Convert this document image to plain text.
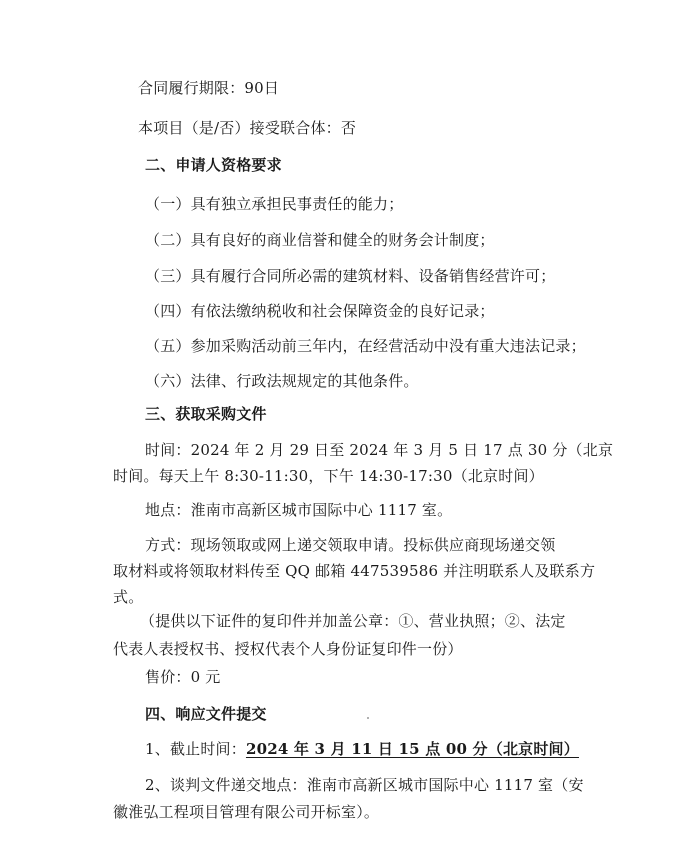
合同履行期限：90日
本项目（是/否）接受联合体：否
二、申请人资格要求
（一）具有独立承担民事责任的能力；
（二）具有良好的商业信誉和健全的财务会计制度；
（三）具有履行合同所必需的建筑材料、设备销售经营许可；
（四）有依法缴纳税收和社会保障资金的良好记录；
（五）参加采购活动前三年内，在经营活动中没有重大违法记录；
（六）法律、行政法规规定的其他条件。
三、获取采购文件
时间：2024 年 2 月 29 日至 2024 年 3 月 5 日 17 点 30 分（北京
时间。每天上午 8:30-11:30，下午 14:30-17:30（北京时间）
地点：淮南市高新区城市国际中心 1117 室。
方式：现场领取或网上递交领取申请。投标供应商现场递交领
取材料或将领取材料传至 QQ 邮箱 447539586 并注明联系人及联系方
式。
（提供以下证件的复印件并加盖公章：①、营业执照；②、法定
代表人表授权书、授权代表个人身份证复印件一份）
售价：0 元
四、响应文件提交
1、截止时间：2024 年 3 月 11 日 15 点 00 分（北京时间）
2、谈判文件递交地点：淮南市高新区城市国际中心 1117 室（安
徽淮弘工程项目管理有限公司开标室）。
